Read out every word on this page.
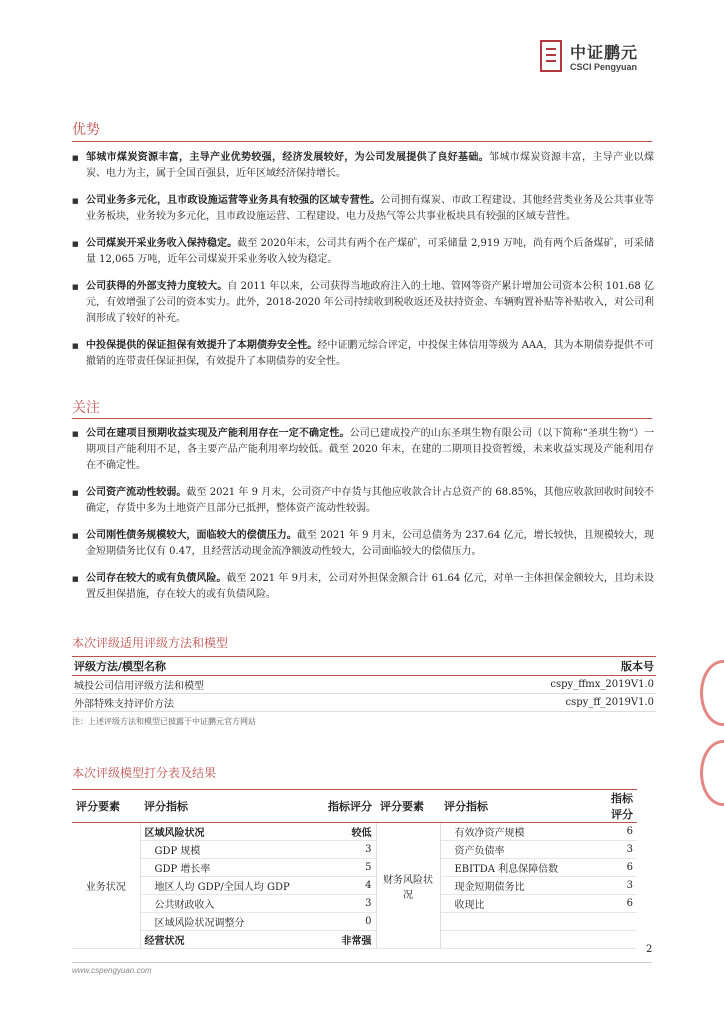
中证鹏元
CSCI Pengyuan
优势
■ 邹城市煤炭资源丰富，主导产业优势较强，经济发展较好，为公司发展提供了良好基础。邹城市煤炭资源丰富，主导产业以煤炭、电力为主，属于全国百强县，近年区域经济保持增长。
■ 公司业务多元化，且市政设施运营等业务具有较强的区域专营性。公司拥有煤炭、市政工程建设、其他经营类业务及公共事业等业务板块，业务较为多元化，且市政设施运营、工程建设、电力及热气等公共事业板块具有较强的区域专营性。
■ 公司煤炭开采业务收入保持稳定。截至 2020年末，公司共有两个在产煤矿，可采储量 2,919 万吨，尚有两个后备煤矿，可采储量 12,065 万吨，近年公司煤炭开采业务收入较为稳定。
■ 公司获得的外部支持力度较大。自 2011 年以来，公司获得当地政府注入的土地、管网等资产累计增加公司资本公积 101.68 亿元，有效增强了公司的资本实力。此外，2018-2020 年公司持续收到税收返还及扶持资金、车辆购置补贴等补贴收入，对公司利润形成了较好的补充。
■ 中投保提供的保证担保有效提升了本期债券安全性。经中证鹏元综合评定，中投保主体信用等级为 AAA，其为本期债券提供不可撤销的连带责任保证担保，有效提升了本期债券的安全性。
关注
■ 公司在建项目预期收益实现及产能利用存在一定不确定性。公司已建成投产的山东圣琪生物有限公司（以下简称“圣琪生物”）一期项目产能利用不足，各主要产品产能利用率均较低。截至 2020 年末，在建的二期项目投资暂缓，未来收益实现及产能利用存在不确定性。
■ 公司资产流动性较弱。截至 2021 年 9 月末，公司资产中存货与其他应收款合计占总资产的 68.85%，其他应收款回收时间较不确定，存货中多为土地资产且部分已抵押，整体资产流动性较弱。
■ 公司刚性债务规模较大，面临较大的偿债压力。截至 2021 年 9 月末，公司总债务为 237.64 亿元，增长较快，且规模较大，现金短期债务比仅有 0.47，且经营活动现金流净额波动性较大，公司面临较大的偿债压力。
■ 公司存在较大的或有负债风险。截至 2021 年 9月末，公司对外担保金额合计 61.64 亿元，对单一主体担保金额较大，且均未设置反担保措施，存在较大的或有负债风险。
本次评级适用评级方法和模型
评级方法/模型名称	版本号
城投公司信用评级方法和模型	cspy_ffmx_2019V1.0
外部特殊支持评价方法	cspy_ff_2019V1.0
注：上述评级方法和模型已披露于中证鹏元官方网站
本次评级模型打分表及结果
评分要素	评分指标	指标评分	评分要素	评分指标	指标评分
业务状况	区域风险状况	较低	财务风险状况	有效净资产规模	6
	GDP 规模	3		资产负债率	3
	GDP 增长率	5		EBITDA 利息保障倍数	6
	地区人均 GDP/全国人均 GDP	4		现金短期债务比	3
	公共财政收入	3		收现比	6
	区域风险状况调整分	0			
	经营状况	非常强			
2
www.cspengyuan.com
